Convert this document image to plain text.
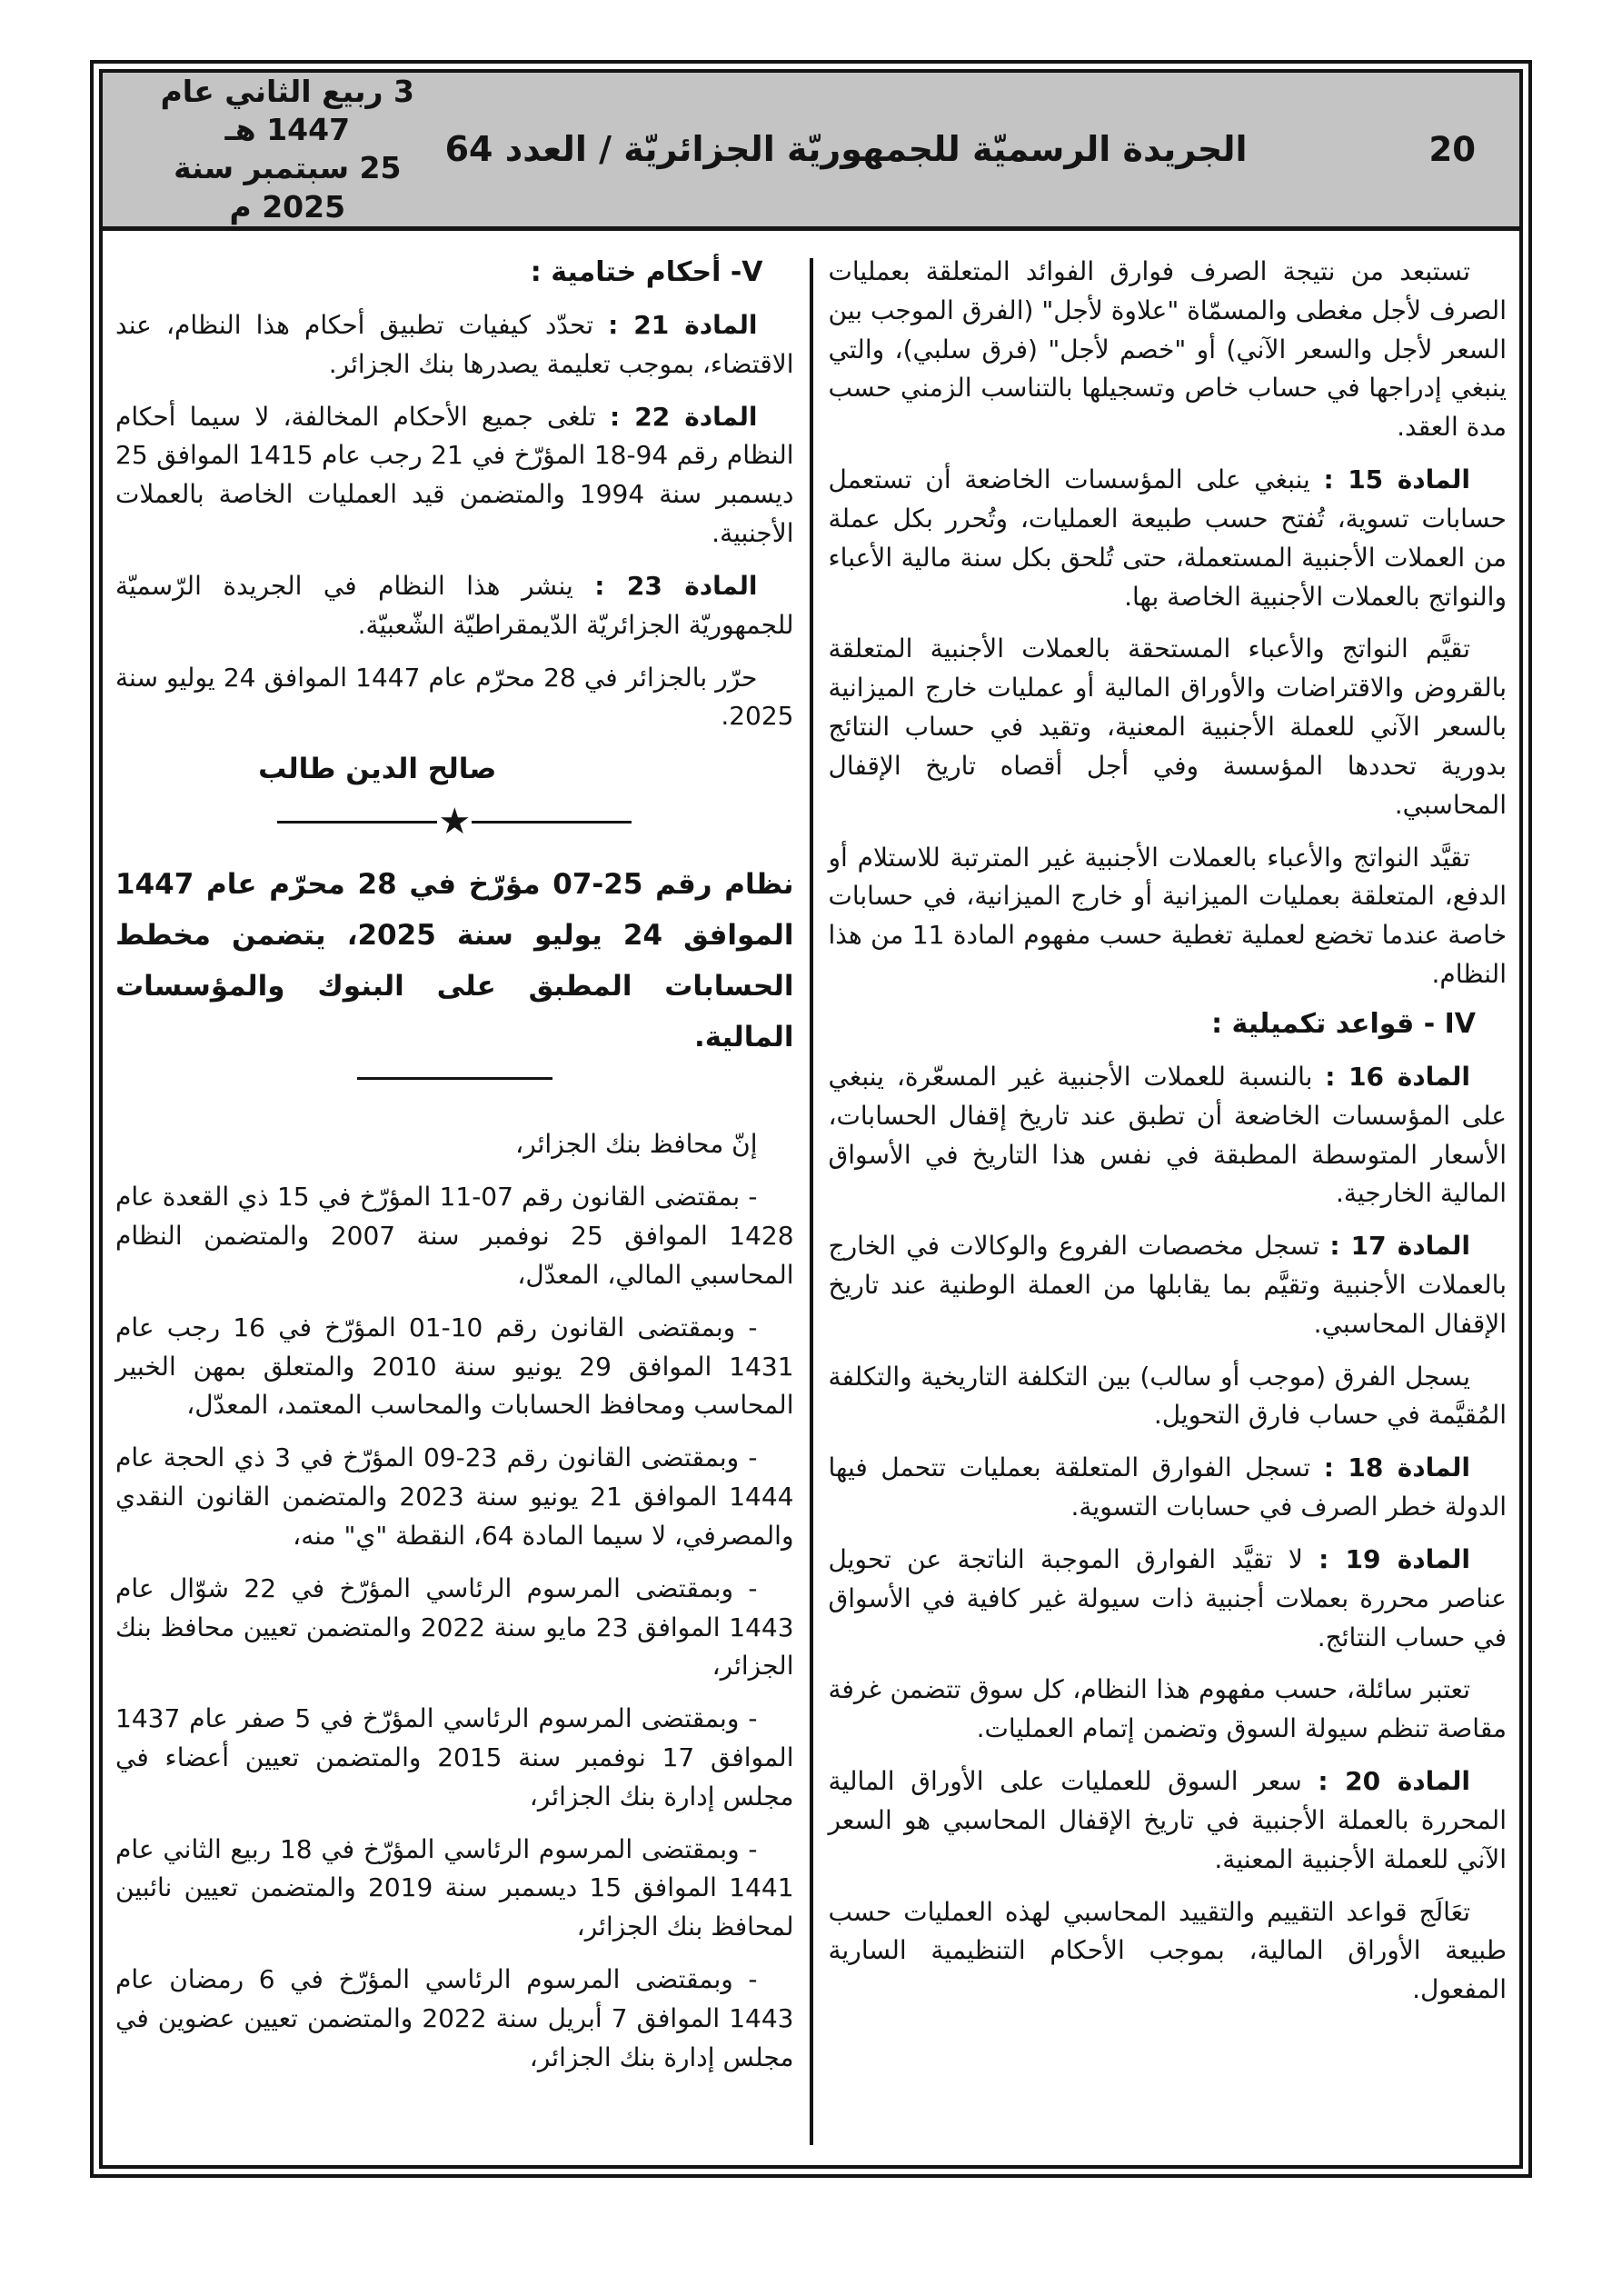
20
الجريدة الرسميّة للجمهوريّة الجزائريّة / العدد 64
3 ربيع الثاني عام 1447 هـ
25 سبتمبر سنة 2025 م

تستبعد من نتيجة الصرف فوارق الفوائد المتعلقة بعمليات الصرف لأجل مغطى والمسمّاة "علاوة لأجل" (الفرق الموجب بين السعر لأجل والسعر الآني) أو "خصم لأجل" (فرق سلبي)، والتي ينبغي إدراجها في حساب خاص وتسجيلها بالتناسب الزمني حسب مدة العقد.

المادة 15 : ينبغي على المؤسسات الخاضعة أن تستعمل حسابات تسوية، تُفتح حسب طبيعة العمليات، وتُحرر بكل عملة من العملات الأجنبية المستعملة، حتى تُلحق بكل سنة مالية الأعباء والنواتج بالعملات الأجنبية الخاصة بها.

تقيَّم النواتج والأعباء المستحقة بالعملات الأجنبية المتعلقة بالقروض والاقتراضات والأوراق المالية أو عمليات خارج الميزانية بالسعر الآني للعملة الأجنبية المعنية، وتقيد في حساب النتائج بدورية تحددها المؤسسة وفي أجل أقصاه تاريخ الإقفال المحاسبي.

تقيَّد النواتج والأعباء بالعملات الأجنبية غير المترتبة للاستلام أو الدفع، المتعلقة بعمليات الميزانية أو خارج الميزانية، في حسابات خاصة عندما تخضع لعملية تغطية حسب مفهوم المادة 11 من هذا النظام.

IV - قواعد تكميلية :

المادة 16 : بالنسبة للعملات الأجنبية غير المسعّرة، ينبغي على المؤسسات الخاضعة أن تطبق عند تاريخ إقفال الحسابات، الأسعار المتوسطة المطبقة في نفس هذا التاريخ في الأسواق المالية الخارجية.

المادة 17 : تسجل مخصصات الفروع والوكالات في الخارج بالعملات الأجنبية وتقيَّم بما يقابلها من العملة الوطنية عند تاريخ الإقفال المحاسبي.

يسجل الفرق (موجب أو سالب) بين التكلفة التاريخية والتكلفة المُقيَّمة في حساب فارق التحويل.

المادة 18 : تسجل الفوارق المتعلقة بعمليات تتحمل فيها الدولة خطر الصرف في حسابات التسوية.

المادة 19 : لا تقيَّد الفوارق الموجبة الناتجة عن تحويل عناصر محررة بعملات أجنبية ذات سيولة غير كافية في الأسواق في حساب النتائج.

تعتبر سائلة، حسب مفهوم هذا النظام، كل سوق تتضمن غرفة مقاصة تنظم سيولة السوق وتضمن إتمام العمليات.

المادة 20 : سعر السوق للعمليات على الأوراق المالية المحررة بالعملة الأجنبية في تاريخ الإقفال المحاسبي هو السعر الآني للعملة الأجنبية المعنية.

تعَالَج قواعد التقييم والتقييد المحاسبي لهذه العمليات حسب طبيعة الأوراق المالية، بموجب الأحكام التنظيمية السارية المفعول.

V- أحكام ختامية :

المادة 21 : تحدّد كيفيات تطبيق أحكام هذا النظام، عند الاقتضاء، بموجب تعليمة يصدرها بنك الجزائر.

المادة 22 : تلغى جميع الأحكام المخالفة، لا سيما أحكام النظام رقم 94-18 المؤرّخ في 21 رجب عام 1415 الموافق 25 ديسمبر سنة 1994 والمتضمن قيد العمليات الخاصة بالعملات الأجنبية.

المادة 23 : ينشر هذا النظام في الجريدة الرّسميّة للجمهوريّة الجزائريّة الدّيمقراطيّة الشّعبيّة.

حرّر بالجزائر في 28 محرّم عام 1447 الموافق 24 يوليو سنة 2025.

صالح الدين طالب
★
نظام رقم 25-07 مؤرّخ في 28 محرّم عام 1447 الموافق 24 يوليو سنة 2025، يتضمن مخطط الحسابات المطبق على البنوك والمؤسسات المالية.

إنّ محافظ بنك الجزائر،

- بمقتضى القانون رقم 07-11 المؤرّخ في 15 ذي القعدة عام 1428 الموافق 25 نوفمبر سنة 2007 والمتضمن النظام المحاسبي المالي، المعدّل،

- وبمقتضى القانون رقم 10-01 المؤرّخ في 16 رجب عام 1431 الموافق 29 يونيو سنة 2010 والمتعلق بمهن الخبير المحاسب ومحافظ الحسابات والمحاسب المعتمد، المعدّل،

- وبمقتضى القانون رقم 23-09 المؤرّخ في 3 ذي الحجة عام 1444 الموافق 21 يونيو سنة 2023 والمتضمن القانون النقدي والمصرفي، لا سيما المادة 64، النقطة "ي" منه،

- وبمقتضى المرسوم الرئاسي المؤرّخ في 22 شوّال عام 1443 الموافق 23 مايو سنة 2022 والمتضمن تعيين محافظ بنك الجزائر،

- وبمقتضى المرسوم الرئاسي المؤرّخ في 5 صفر عام 1437 الموافق 17 نوفمبر سنة 2015 والمتضمن تعيين أعضاء في مجلس إدارة بنك الجزائر،

- وبمقتضى المرسوم الرئاسي المؤرّخ في 18 ربيع الثاني عام 1441 الموافق 15 ديسمبر سنة 2019 والمتضمن تعيين نائبين لمحافظ بنك الجزائر،

- وبمقتضى المرسوم الرئاسي المؤرّخ في 6 رمضان عام 1443 الموافق 7 أبريل سنة 2022 والمتضمن تعيين عضوين في مجلس إدارة بنك الجزائر،
